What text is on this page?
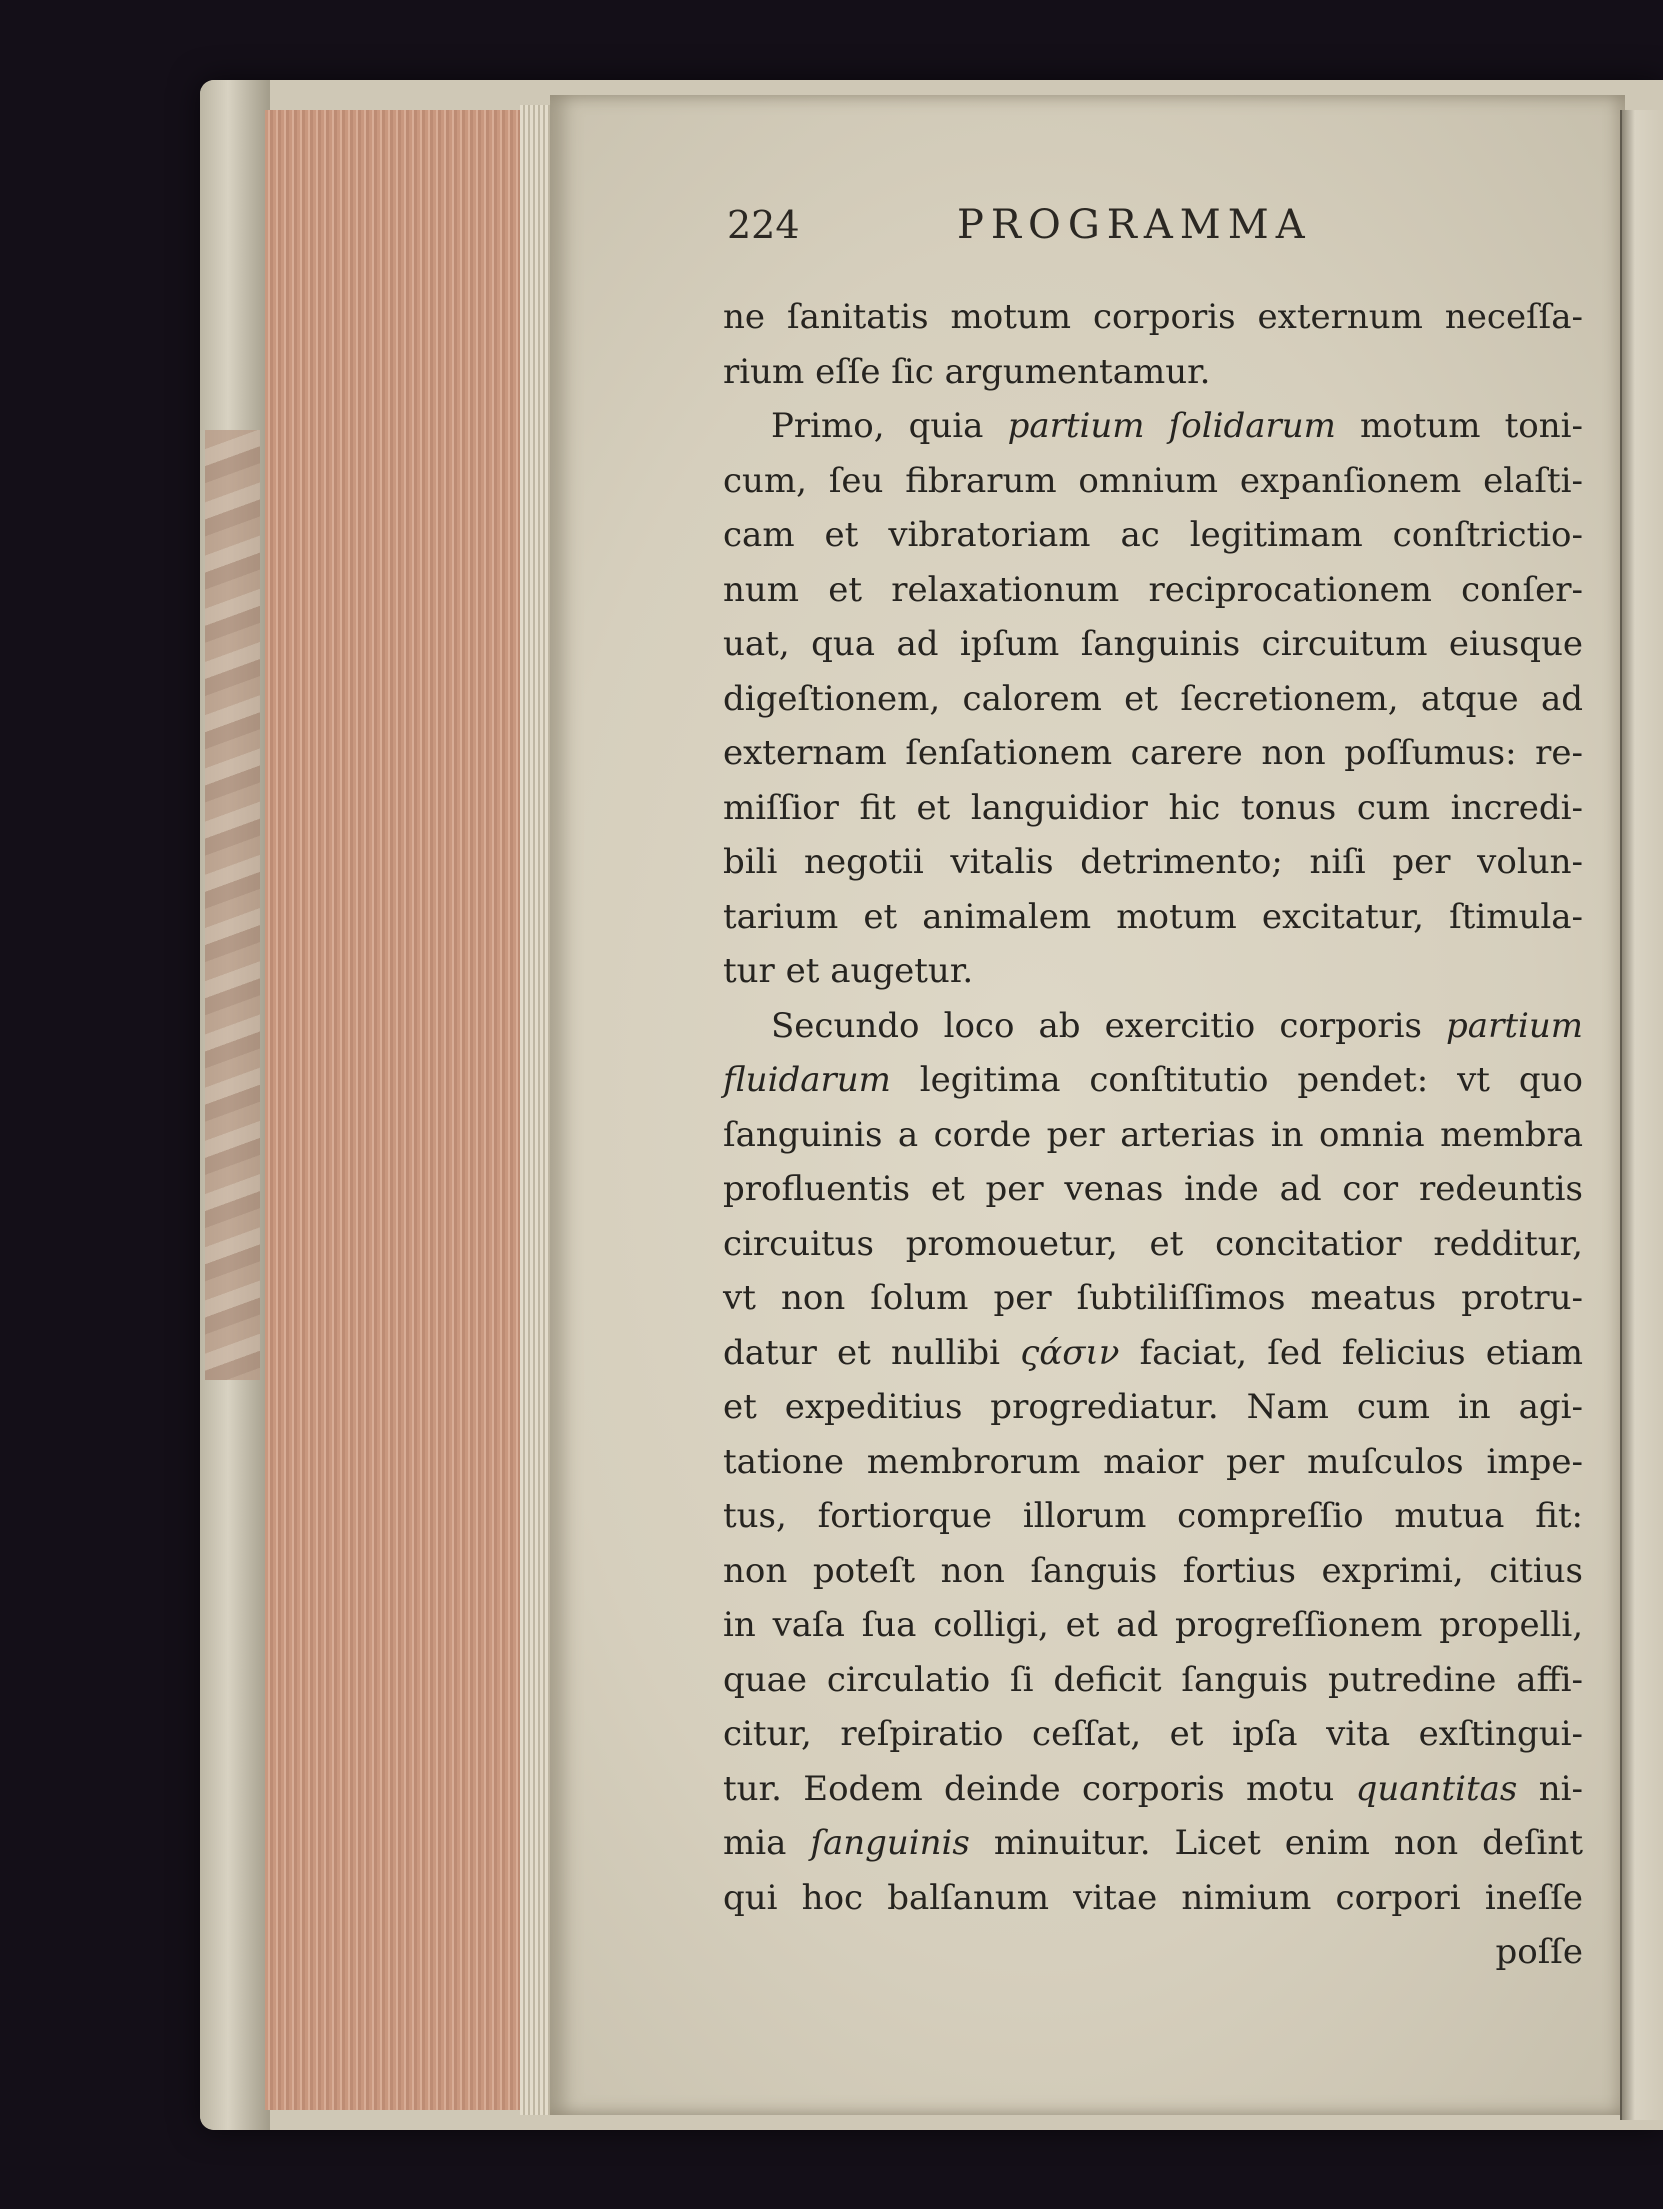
224	PROGRAMMA
ne ſanitatis motum corporis externum neceſſa-
rium eſſe ſic argumentamur.
Primo, quia partium ſolidarum motum toni-
cum, ſeu fibrarum omnium expanſionem elaſti-
cam et vibratoriam ac legitimam conſtrictio-
num et relaxationum reciprocationem conſer-
uat, qua ad ipſum ſanguinis circuitum eiusque
digeſtionem, calorem et ſecretionem, atque ad
externam ſenſationem carere non poſſumus: re-
miſſior fit et languidior hic tonus cum incredi-
bili negotii vitalis detrimento; niſi per volun-
tarium et animalem motum excitatur, ſtimula-
tur et augetur.
Secundo loco ab exercitio corporis partium
fluidarum legitima conſtitutio pendet: vt quo
ſanguinis a corde per arterias in omnia membra
profluentis et per venas inde ad cor redeuntis
circuitus promouetur, et concitatior redditur,
vt non ſolum per ſubtiliſſimos meatus protru-
datur et nullibi ςάσιν faciat, ſed felicius etiam
et expeditius progrediatur. Nam cum in agi-
tatione membrorum maior per muſculos impe-
tus, fortiorque illorum compreſſio mutua fit:
non poteſt non ſanguis fortius exprimi, citius
in vaſa ſua colligi, et ad progreſſionem propelli,
quae circulatio ſi deficit ſanguis putredine affi-
citur, reſpiratio ceſſat, et ipſa vita exſtingui-
tur. Eodem deinde corporis motu quantitas ni-
mia ſanguinis minuitur. Licet enim non deſint
qui hoc balſanum vitae nimium corpori ineſſe
poſſe
